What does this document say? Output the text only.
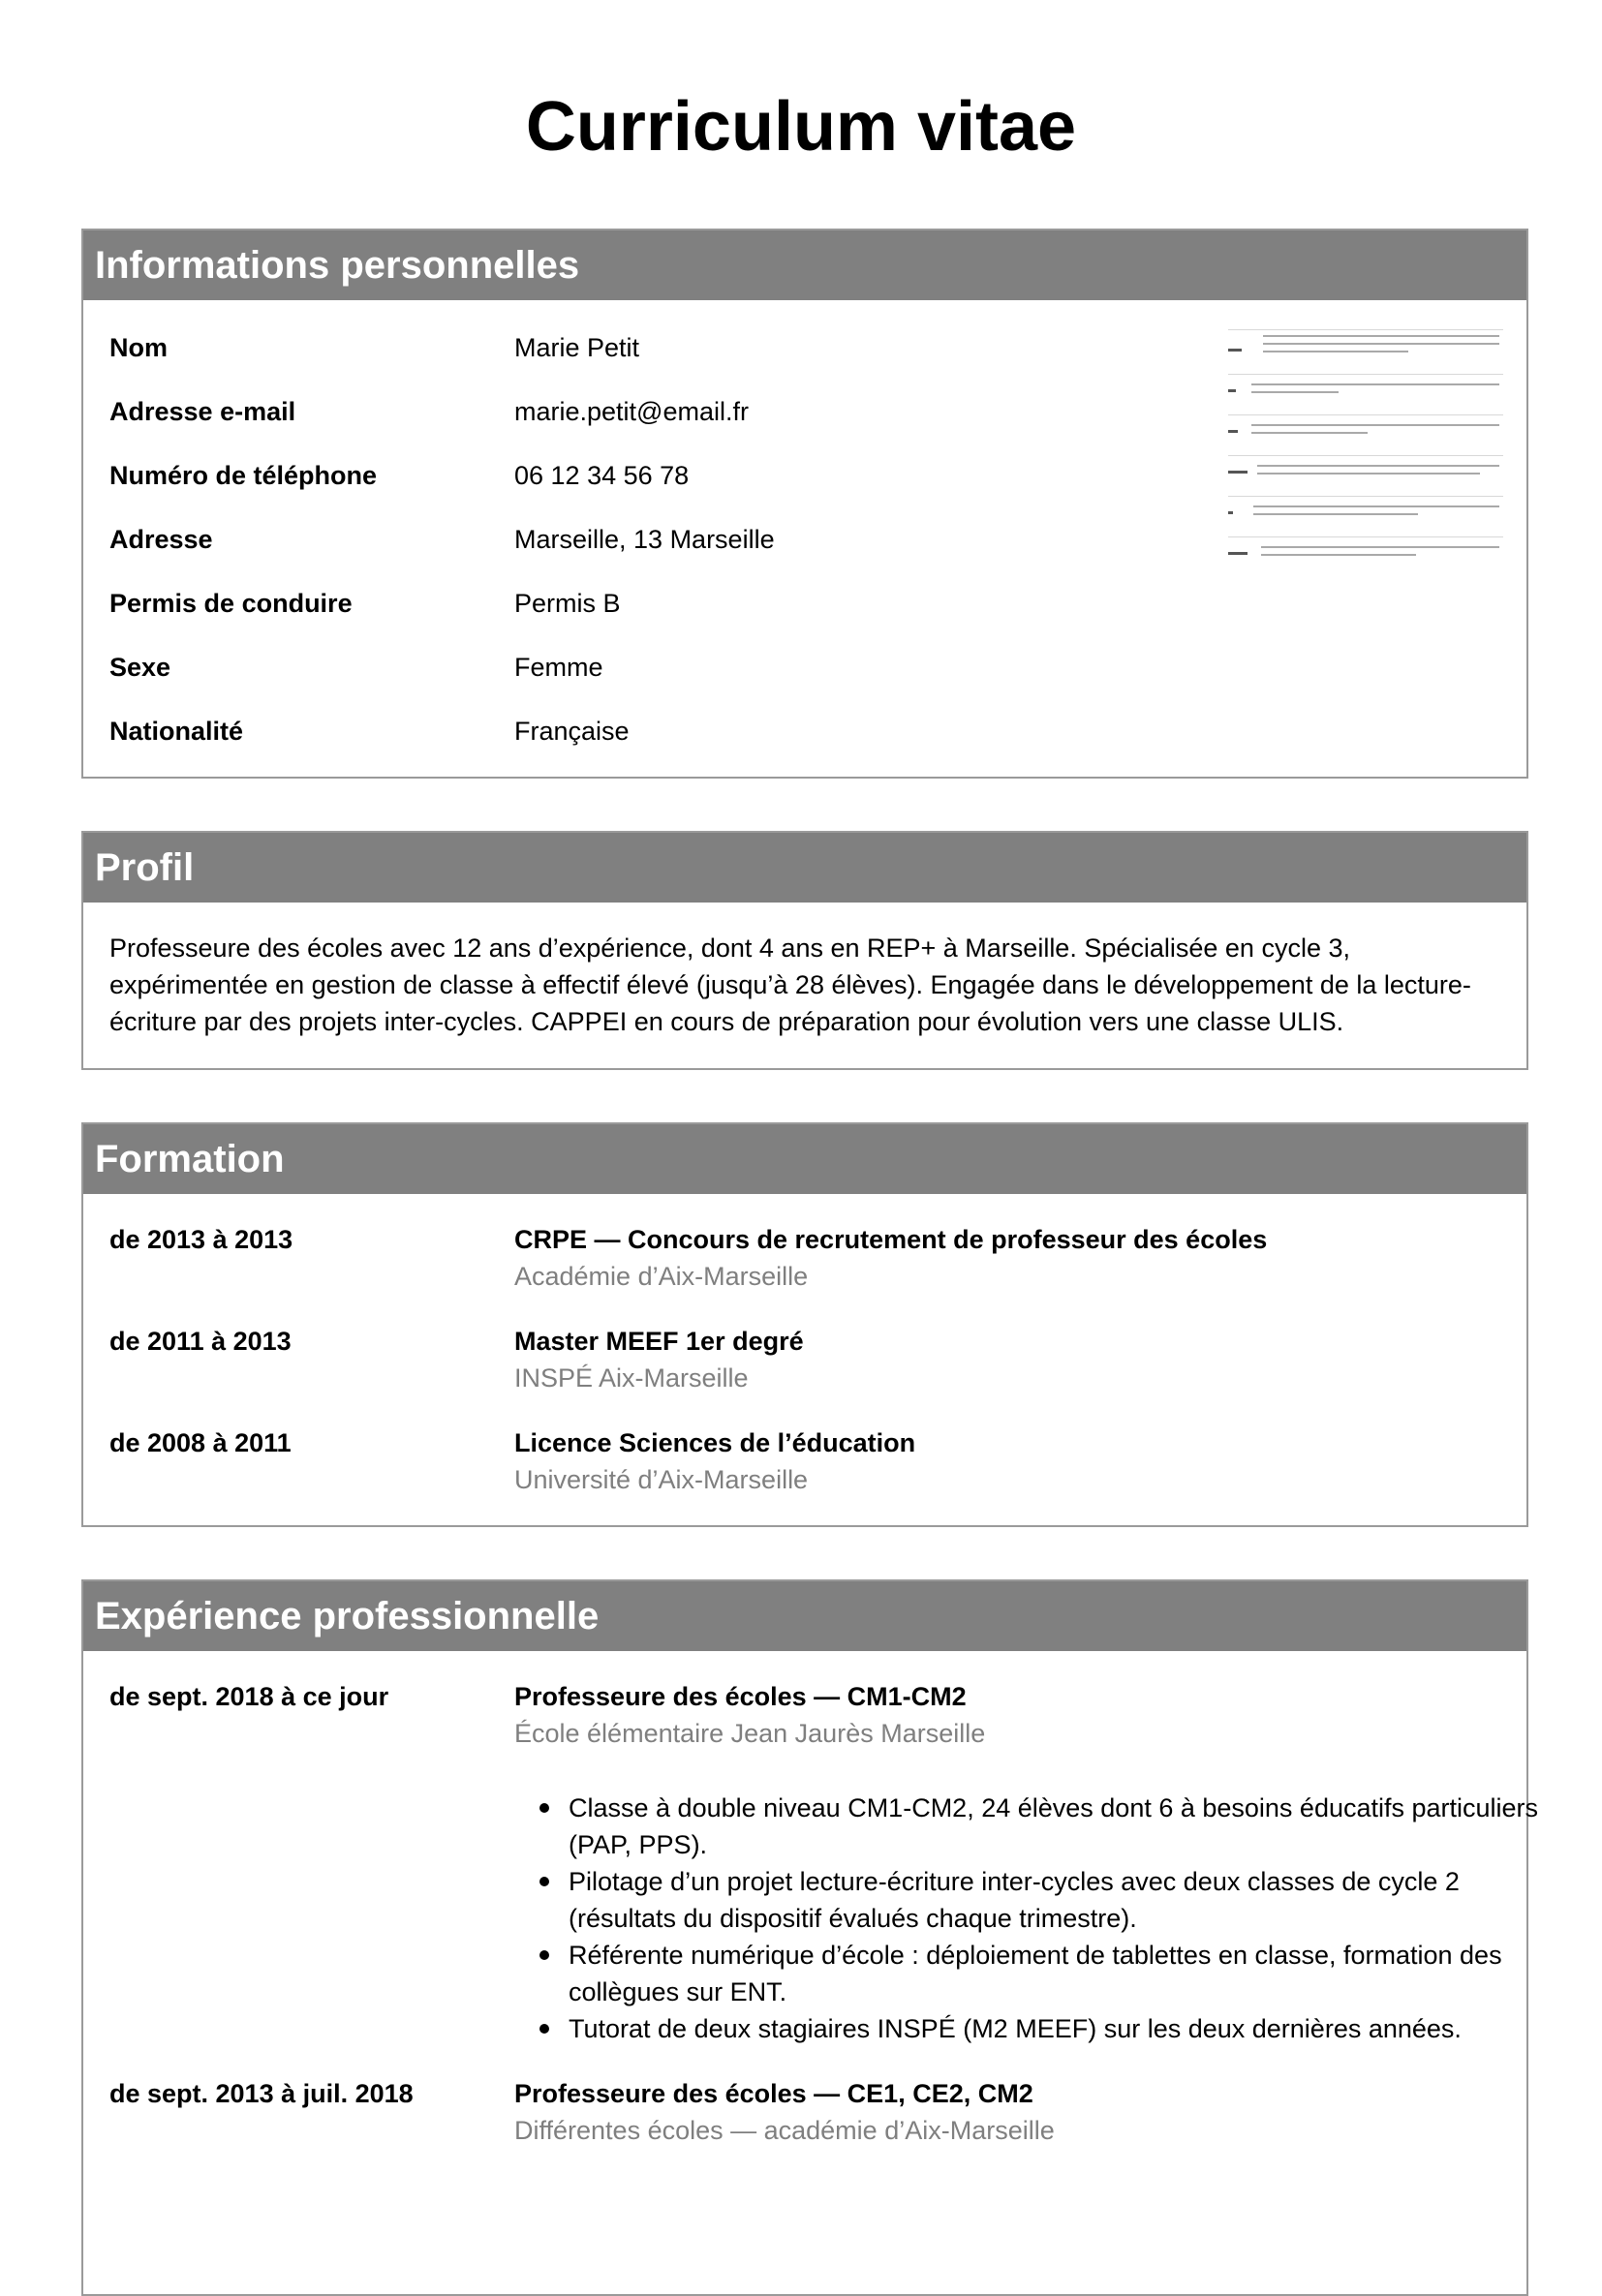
Curriculum vitae
Informations personnelles
Nom	Marie Petit
Adresse e-mail	marie.petit@email.fr
Numéro de téléphone	06 12 34 56 78
Adresse	Marseille, 13 Marseille
Permis de conduire	Permis B
Sexe	Femme
Nationalité	Française
Profil
Professeure des écoles avec 12 ans d’expérience, dont 4 ans en REP+ à Marseille. Spécialisée en cycle 3, expérimentée en gestion de classe à effectif élevé (jusqu’à 28 élèves). Engagée dans le développement de la lecture-écriture par des projets inter-cycles. CAPPEI en cours de préparation pour évolution vers une classe ULIS.
Formation
de 2013 à 2013	CRPE — Concours de recrutement de professeur des écoles
Académie d’Aix-Marseille
de 2011 à 2013	Master MEEF 1er degré
INSPÉ Aix-Marseille
de 2008 à 2011	Licence Sciences de l’éducation
Université d’Aix-Marseille
Expérience professionnelle
de sept. 2018 à ce jour	Professeure des écoles — CM1-CM2
École élémentaire Jean Jaurès Marseille
Classe à double niveau CM1-CM2, 24 élèves dont 6 à besoins éducatifs particuliers (PAP, PPS).
Pilotage d’un projet lecture-écriture inter-cycles avec deux classes de cycle 2 (résultats du dispositif évalués chaque trimestre).
Référente numérique d’école : déploiement de tablettes en classe, formation des collègues sur ENT.
Tutorat de deux stagiaires INSPÉ (M2 MEEF) sur les deux dernières années.
de sept. 2013 à juil. 2018	Professeure des écoles — CE1, CE2, CM2
Différentes écoles — académie d’Aix-Marseille
